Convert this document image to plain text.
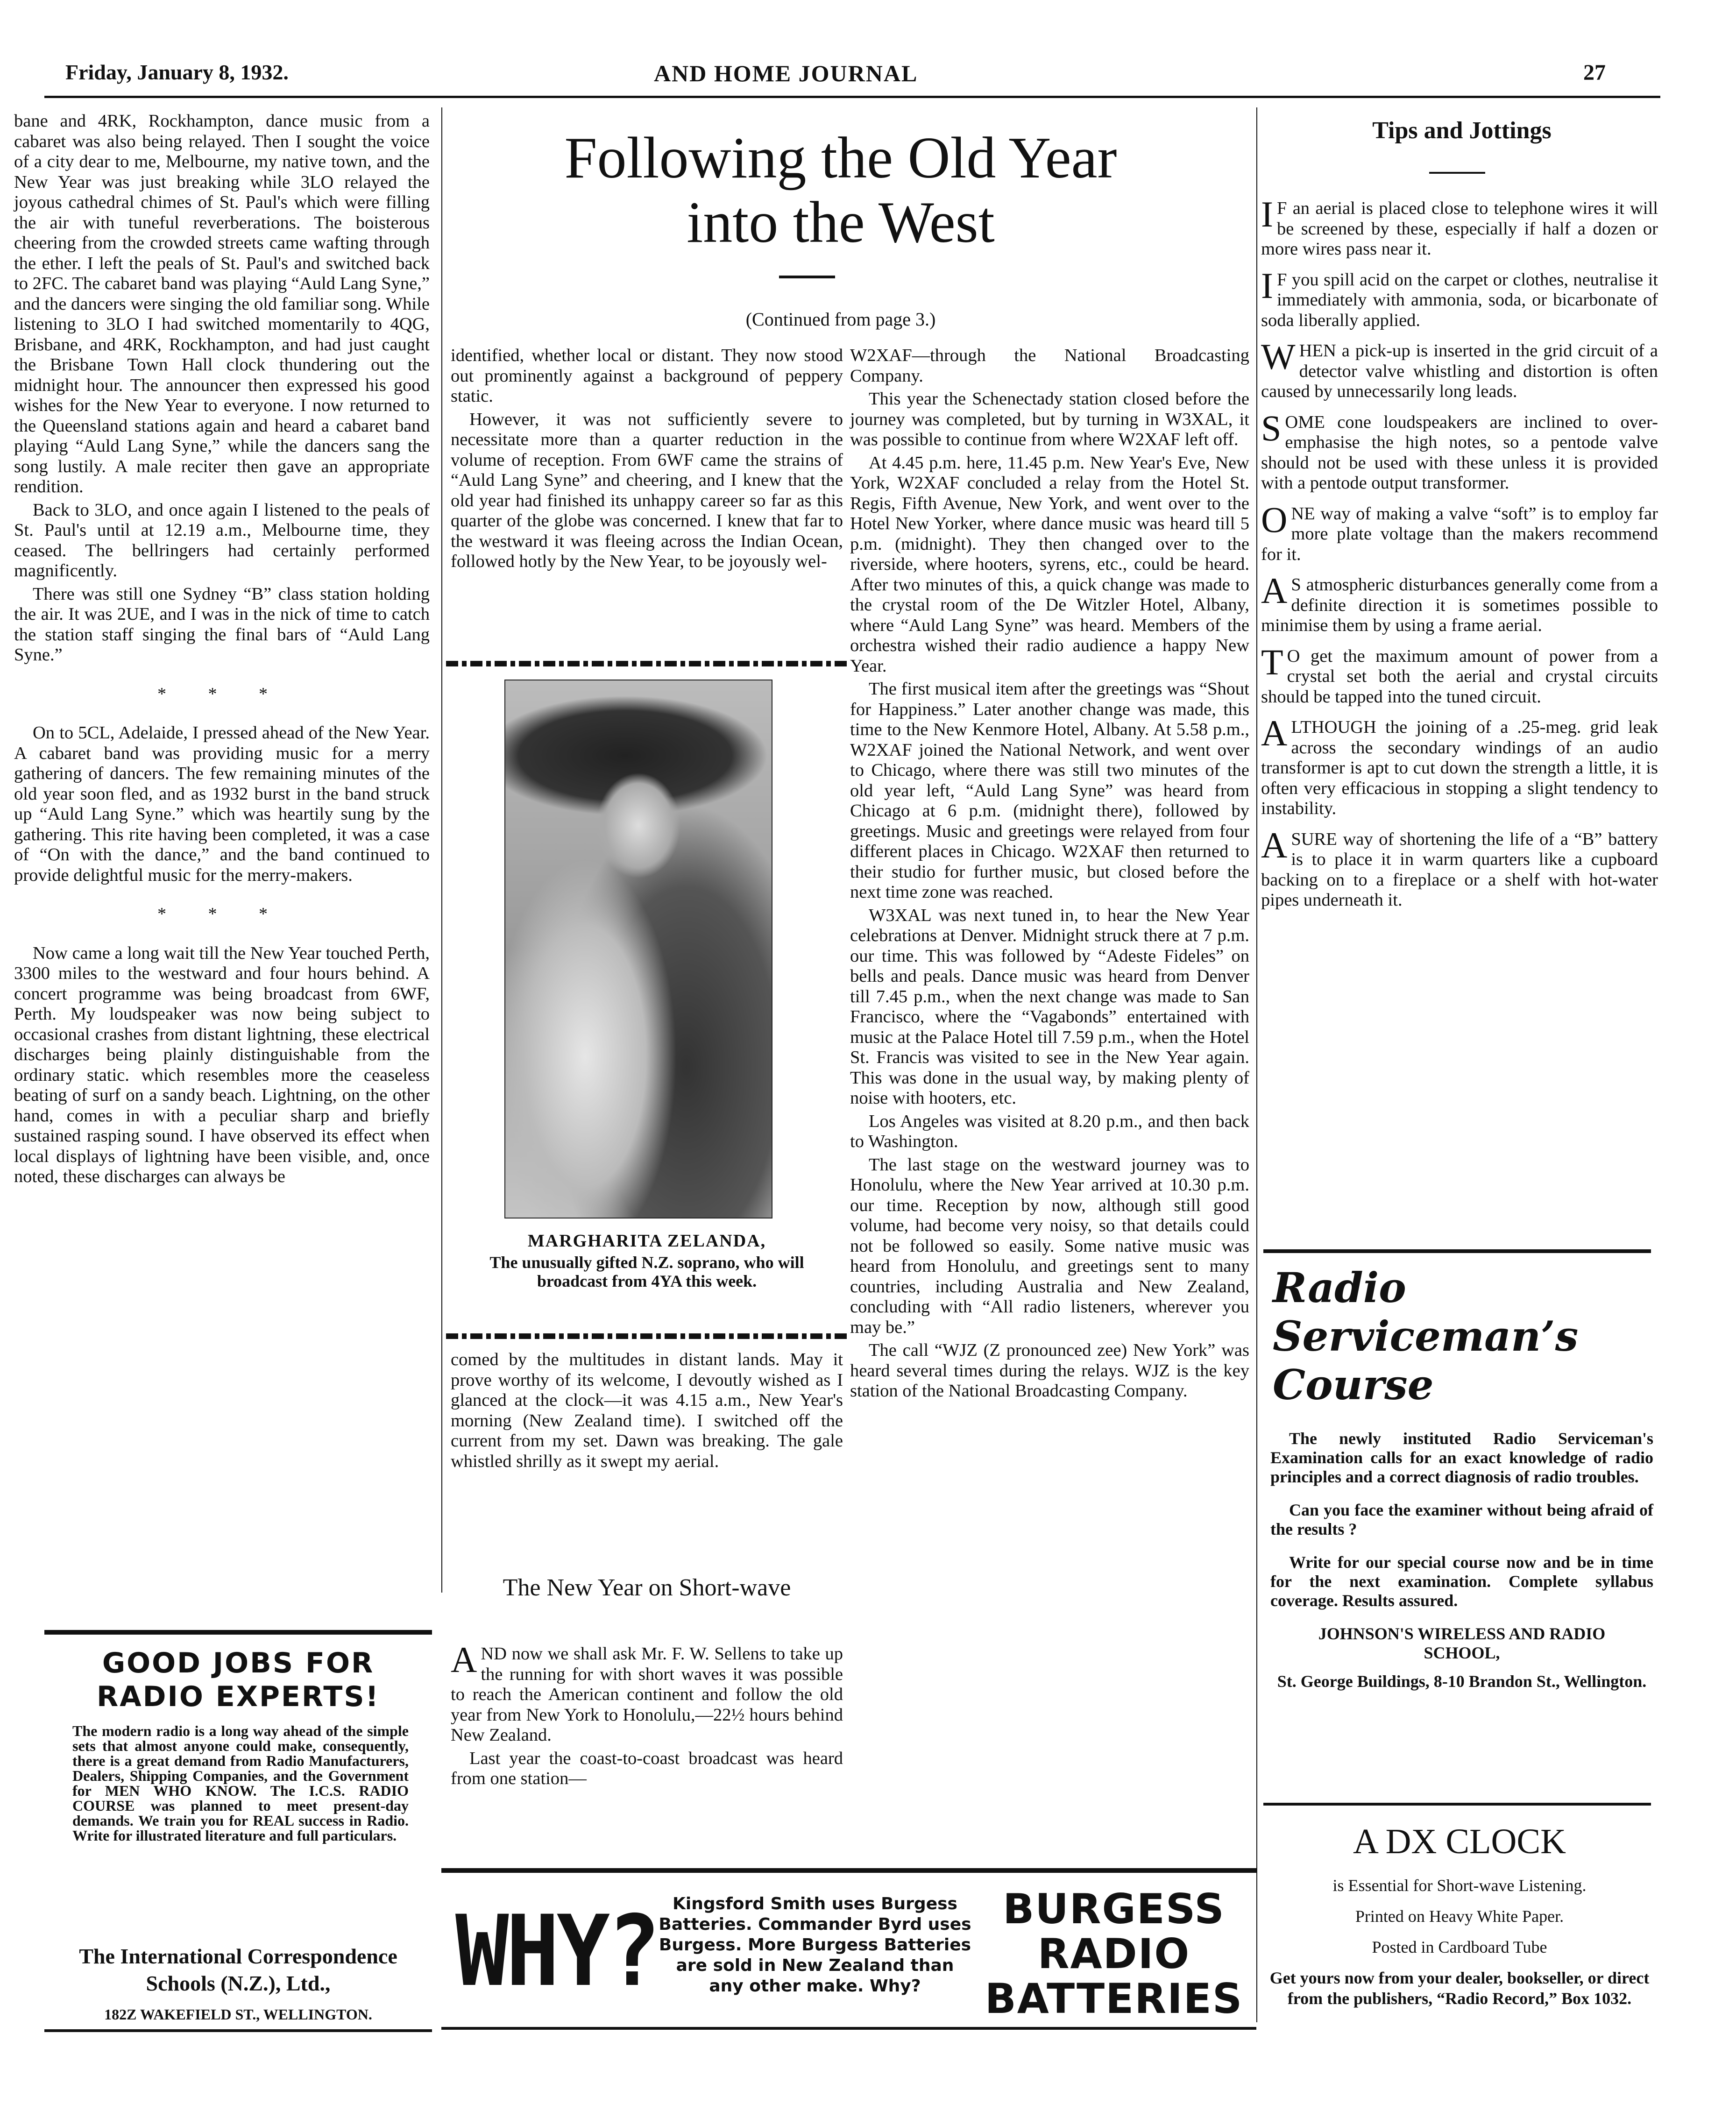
Friday, January 8, 1932.	AND HOME JOURNAL	27

bane and 4RK, Rockhampton, dance music from a cabaret was also being relayed. Then I sought the voice of a city dear to me, Melbourne, my native town, and the New Year was just breaking while 3LO relayed the joyous cathedral chimes of St. Paul's which were filling the air with tuneful reverberations. The boisterous cheering from the crowded streets came wafting through the ether. I left the peals of St. Paul's and switched back to 2FC. The cabaret band was playing “Auld Lang Syne,” and the dancers were singing the old familiar song. While listening to 3LO I had switched momentarily to 4QG, Brisbane, and 4RK, Rockhampton, and had just caught the Brisbane Town Hall clock thundering out the midnight hour. The announcer then expressed his good wishes for the New Year to everyone. I now returned to the Queensland stations again and heard a cabaret band playing “Auld Lang Syne,” while the dancers sang the song lustily. A male reciter then gave an appropriate rendition.

Back to 3LO, and once again I listened to the peals of St. Paul's until at 12.19 a.m., Melbourne time, they ceased. The bellringers had certainly performed magnificently.

There was still one Sydney “B” class station holding the air. It was 2UE, and I was in the nick of time to catch the station staff singing the final bars of “Auld Lang Syne.”

* * *

On to 5CL, Adelaide, I pressed ahead of the New Year. A cabaret band was providing music for a merry gathering of dancers. The few remaining minutes of the old year soon fled, and as 1932 burst in the band struck up “Auld Lang Syne.” which was heartily sung by the gathering. This rite having been completed, it was a case of “On with the dance,” and the band continued to provide delightful music for the merry-makers.

* * *

Now came a long wait till the New Year touched Perth, 3300 miles to the westward and four hours behind. A concert programme was being broadcast from 6WF, Perth. My loudspeaker was now being subject to occasional crashes from distant lightning, these electrical discharges being plainly distinguishable from the ordinary static. which resembles more the ceaseless beating of surf on a sandy beach. Lightning, on the other hand, comes in with a peculiar sharp and briefly sustained rasping sound. I have observed its effect when local displays of lightning have been visible, and, once noted, these discharges can always be

Following the Old Year
into the West
(Continued from page 3.)

identified, whether local or distant. They now stood out prominently against a background of peppery static.

However, it was not sufficiently severe to necessitate more than a quarter reduction in the volume of reception. From 6WF came the strains of “Auld Lang Syne” and cheering, and I knew that the old year had finished its unhappy career so far as this quarter of the globe was concerned. I knew that far to the westward it was fleeing across the Indian Ocean, followed hotly by the New Year, to be joyously wel-

MARGHARITA ZELANDA,
The unusually gifted N.Z. soprano, who will broadcast from 4YA this week.

comed by the multitudes in distant lands. May it prove worthy of its welcome, I devoutly wished as I glanced at the clock—it was 4.15 a.m., New Year's morning (New Zealand time). I switched off the current from my set. Dawn was breaking. The gale whistled shrilly as it swept my aerial.

The New Year on Short-wave

AND now we shall ask Mr. F. W. Sellens to take up the running for with short waves it was possible to reach the American continent and follow the old year from New York to Honolulu,—22½ hours behind New Zealand.

Last year the coast-to-coast broadcast was heard from one station—

W2XAF—through the National Broadcasting Company.

This year the Schenectady station closed before the journey was completed, but by turning in W3XAL, it was possible to continue from where W2XAF left off.

At 4.45 p.m. here, 11.45 p.m. New Year's Eve, New York, W2XAF concluded a relay from the Hotel St. Regis, Fifth Avenue, New York, and went over to the Hotel New Yorker, where dance music was heard till 5 p.m. (midnight). They then changed over to the riverside, where hooters, syrens, etc., could be heard. After two minutes of this, a quick change was made to the crystal room of the De Witzler Hotel, Albany, where “Auld Lang Syne” was heard. Members of the orchestra wished their radio audience a happy New Year.

The first musical item after the greetings was “Shout for Happiness.” Later another change was made, this time to the New Kenmore Hotel, Albany. At 5.58 p.m., W2XAF joined the National Network, and went over to Chicago, where there was still two minutes of the old year left, “Auld Lang Syne” was heard from Chicago at 6 p.m. (midnight there), followed by greetings. Music and greetings were relayed from four different places in Chicago. W2XAF then returned to their studio for further music, but closed before the next time zone was reached.

W3XAL was next tuned in, to hear the New Year celebrations at Denver. Midnight struck there at 7 p.m. our time. This was followed by “Adeste Fideles” on bells and peals. Dance music was heard from Denver till 7.45 p.m., when the next change was made to San Francisco, where the “Vagabonds” entertained with music at the Palace Hotel till 7.59 p.m., when the Hotel St. Francis was visited to see in the New Year again. This was done in the usual way, by making plenty of noise with hooters, etc.

Los Angeles was visited at 8.20 p.m., and then back to Washington.

The last stage on the westward journey was to Honolulu, where the New Year arrived at 10.30 p.m. our time. Reception by now, although still good volume, had become very noisy, so that details could not be followed so easily. Some native music was heard from Honolulu, and greetings sent to many countries, including Australia and New Zealand, concluding with “All radio listeners, wherever you may be.”

The call “WJZ (Z pronounced zee) New York” was heard several times during the relays. WJZ is the key station of the National Broadcasting Company.

Tips and Jottings

IF an aerial is placed close to telephone wires it will be screened by these, especially if half a dozen or more wires pass near it.

IF you spill acid on the carpet or clothes, neutralise it immediately with ammonia, soda, or bicarbonate of soda liberally applied.

WHEN a pick-up is inserted in the grid circuit of a detector valve whistling and distortion is often caused by unnecessarily long leads.

SOME cone loudspeakers are inclined to over-emphasise the high notes, so a pentode valve should not be used with these unless it is provided with a pentode output transformer.

ONE way of making a valve “soft” is to employ far more plate voltage than the makers recommend for it.

AS atmospheric disturbances generally come from a definite direction it is sometimes possible to minimise them by using a frame aerial.

TO get the maximum amount of power from a crystal set both the aerial and crystal circuits should be tapped into the tuned circuit.

ALTHOUGH the joining of a .25-meg. grid leak across the secondary windings of an audio transformer is apt to cut down the strength a little, it is often very efficacious in stopping a slight tendency to instability.

ASURE way of shortening the life of a “B” battery is to place it in warm quarters like a cupboard backing on to a fireplace or a shelf with hot-water pipes underneath it.

Radio
Serviceman’s
Course

The newly instituted Radio Serviceman's Examination calls for an exact knowledge of radio principles and a correct diagnosis of radio troubles.

Can you face the examiner without being afraid of the results ?

Write for our special course now and be in time for the next examination. Complete syllabus coverage. Results assured.

JOHNSON'S WIRELESS AND RADIO SCHOOL,

St. George Buildings, 8-10 Brandon St., Wellington.

A DX CLOCK
is Essential for Short-wave Listening.
Printed on Heavy White Paper.
Posted in Cardboard Tube
Get yours now from your dealer, bookseller, or direct from the publishers, “Radio Record,” Box 1032.
GOOD JOBS FOR
RADIO EXPERTS!
The modern radio is a long way ahead of the simple sets that almost anyone could make, consequently, there is a great demand from Radio Manufacturers, Dealers, Shipping Companies, and the Government for MEN WHO KNOW. The I.C.S. RADIO COURSE was planned to meet present-day demands. We train you for REAL success in Radio. Write for illustrated literature and full particulars.
The International Correspondence
Schools (N.Z.), Ltd.,
182Z WAKEFIELD ST., WELLINGTON.
WHY? Kingsford Smith uses Burgess Batteries. Commander Byrd uses Burgess. More Burgess Batteries are sold in New Zealand than any other make. Why?
BURGESS
RADIO
BATTERIES
